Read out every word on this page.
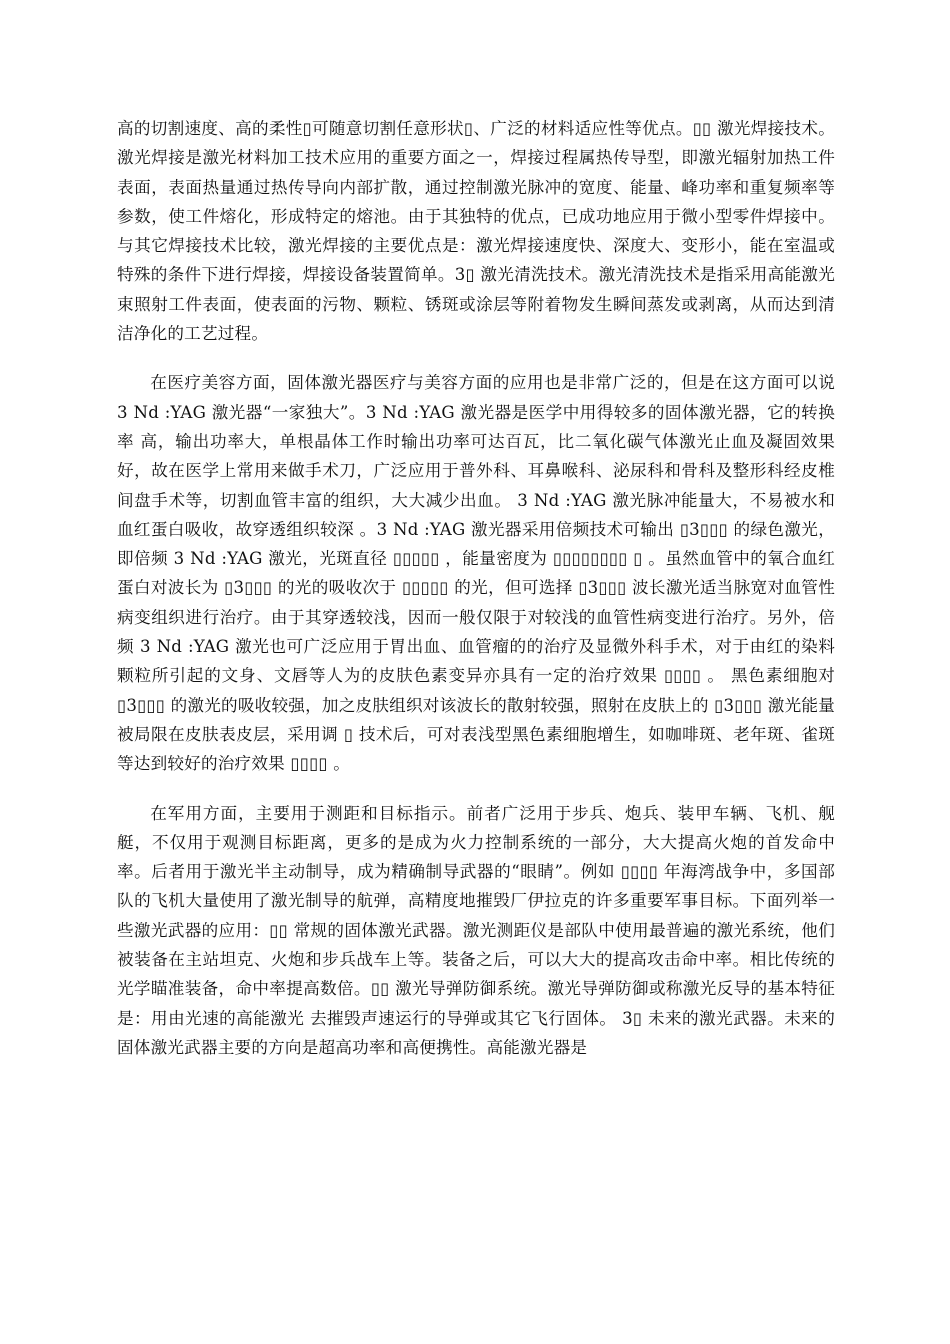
高的切割速度、高的柔性▯可随意切割任意形状▯、广泛的材料适应性等优点。▯▯ 激光焊接技术。激光焊接是激光材料加工技术应用的重要方面之一，焊接过程属热传导型，即激光辐射加热工件表面，表面热量通过热传导向内部扩散，通过控制激光脉冲的宽度、能量、峰功率和重复频率等参数，使工件熔化，形成特定的熔池。由于其独特的优点，已成功地应用于微小型零件焊接中。与其它焊接技术比较，激光焊接的主要优点是：激光焊接速度快、深度大、变形小，能在室温或特殊的条件下进行焊接，焊接设备装置简单。3▯ 激光清洗技术。激光清洗技术是指采用高能激光束照射工件表面，使表面的污物、颗粒、锈斑或涂层等附着物发生瞬间蒸发或剥离，从而达到清洁净化的工艺过程。

在医疗美容方面，固体激光器医疗与美容方面的应用也是非常广泛的，但是在这方面可以说 3 Nd :YAG 激光器“一家独大”。3 Nd :YAG 激光器是医学中用得较多的固体激光器，它的转换率 高，输出功率大，单根晶体工作时输出功率可达百瓦，比二氧化碳气体激光止血及凝固效果好，故在医学上常用来做手术刀，广泛应用于普外科、耳鼻喉科、泌尿科和骨科及整形科经皮椎间盘手术等，切割血管丰富的组织，大大减少出血。 3 Nd :YAG 激光脉冲能量大，不易被水和血红蛋白吸收，故穿透组织较深 。3 Nd :YAG 激光器采用倍频技术可输出 ▯3▯▯▯ 的绿色激光，即倍频 3 Nd :YAG 激光，光斑直径 ▯▯▯▯▯ ，能量密度为 ▯▯▯▯▯▯▯▯ ▯ 。虽然血管中的氧合血红蛋白对波长为 ▯3▯▯▯ 的光的吸收次于 ▯▯▯▯▯ 的光，但可选择 ▯3▯▯▯ 波长激光适当脉宽对血管性病变组织进行治疗。由于其穿透较浅，因而一般仅限于对较浅的血管性病变进行治疗。另外，倍频 3 Nd :YAG 激光也可广泛应用于胃出血、血管瘤的的治疗及显微外科手术，对于由红的染料颗粒所引起的文身、文唇等人为的皮肤色素变异亦具有一定的治疗效果 ▯▯▯▯ 。 黑色素细胞对 ▯3▯▯▯ 的激光的吸收较强，加之皮肤组织对该波长的散射较强，照射在皮肤上的 ▯3▯▯▯ 激光能量被局限在皮肤表皮层，采用调 ▯ 技术后，可对表浅型黑色素细胞增生，如咖啡斑、老年斑、雀斑等达到较好的治疗效果 ▯▯▯▯ 。

在军用方面，主要用于测距和目标指示。前者广泛用于步兵、炮兵、装甲车辆、飞机、舰艇，不仅用于观测目标距离，更多的是成为火力控制系统的一部分，大大提高火炮的首发命中率。后者用于激光半主动制导，成为精确制导武器的“眼睛”。例如 ▯▯▯▯ 年海湾战争中，多国部队的飞机大量使用了激光制导的航弹，高精度地摧毁厂伊拉克的许多重要军事目标。下面列举一些激光武器的应用：▯▯ 常规的固体激光武器。激光测距仪是部队中使用最普遍的激光系统，他们被装备在主站坦克、火炮和步兵战车上等。装备之后，可以大大的提高攻击命中率。相比传统的光学瞄准装备，命中率提高数倍。▯▯ 激光导弹防御系统。激光导弹防御或称激光反导的基本特征是：用由光速的高能激光 去摧毁声速运行的导弹或其它飞行固体。 3▯ 未来的激光武器。未来的固体激光武器主要的方向是超高功率和高便携性。高能激光器是
